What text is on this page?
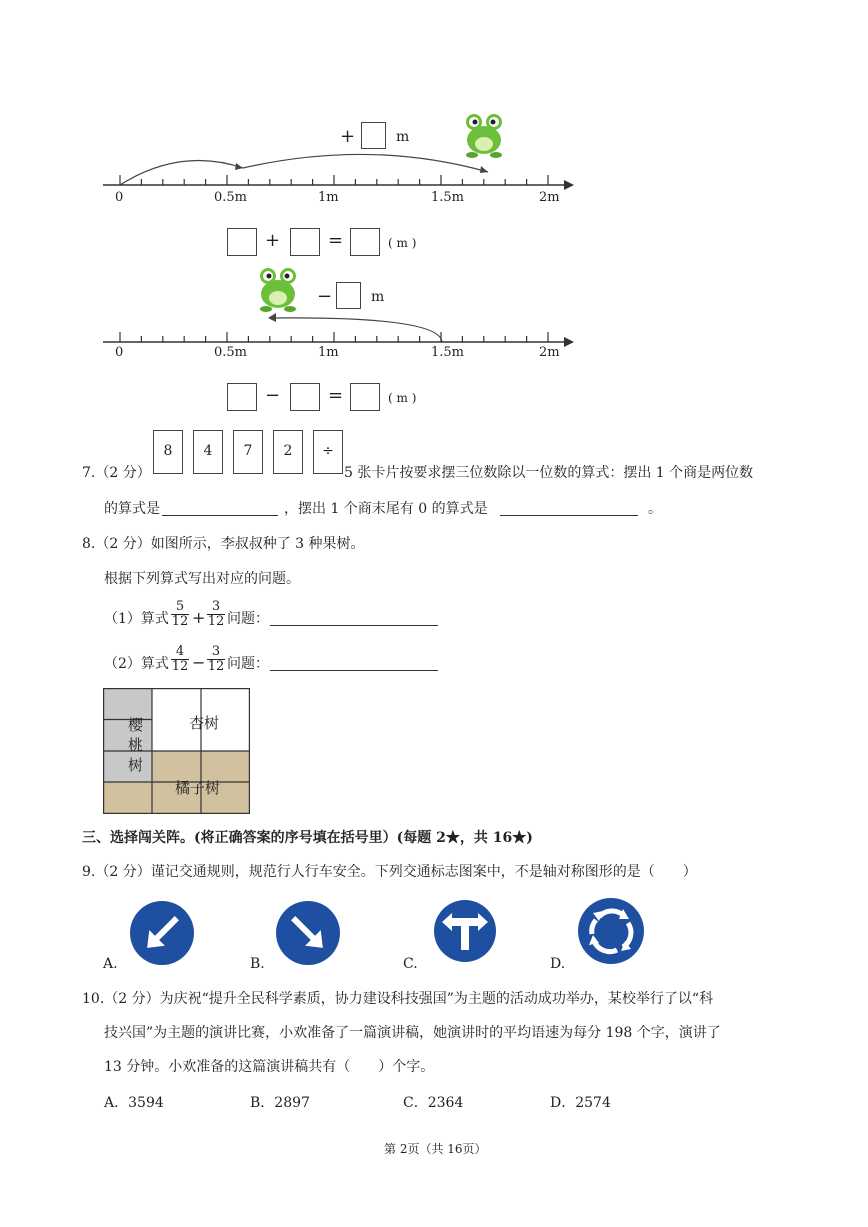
+	m
0	0.5m	1m	1.5m	2m
+	=	( m )
−	m
0	0.5m	1m	1.5m	2m
−	=	( m )
7.（2 分）
8	4	7	2	÷
5 张卡片按要求摆三位数除以一位数的算式：摆出 1 个商是两位数
的算式是	，摆出 1 个商末尾有 0 的算式是	。
8.（2 分）如图所示，李叔叔种了 3 种果树。
根据下列算式写出对应的问题。
（1）算式 $\frac{5}{12} + \frac{3}{12}$ 问题：
（2）算式 $\frac{4}{12} - \frac{3}{12}$ 问题：
樱
桃
树
杏树
橘子树
三、选择闯关阵。(将正确答案的序号填在括号里）(每题 2★，共 16★)
9.（2 分）谨记交通规则，规范行人行车安全。下列交通标志图案中，不是轴对称图形的是（　　）
A.	B.	C.	D.
10.（2 分）为庆祝“提升全民科学素质，协力建设科技强国”为主题的活动成功举办，某校举行了以“科
技兴国”为主题的演讲比赛，小欢准备了一篇演讲稿，她演讲时的平均语速为每分 198 个字，演讲了
13 分钟。小欢准备的这篇演讲稿共有（　　）个字。
A．3594	B．2897	C．2364	D．2574
第 2页（共 16页）
